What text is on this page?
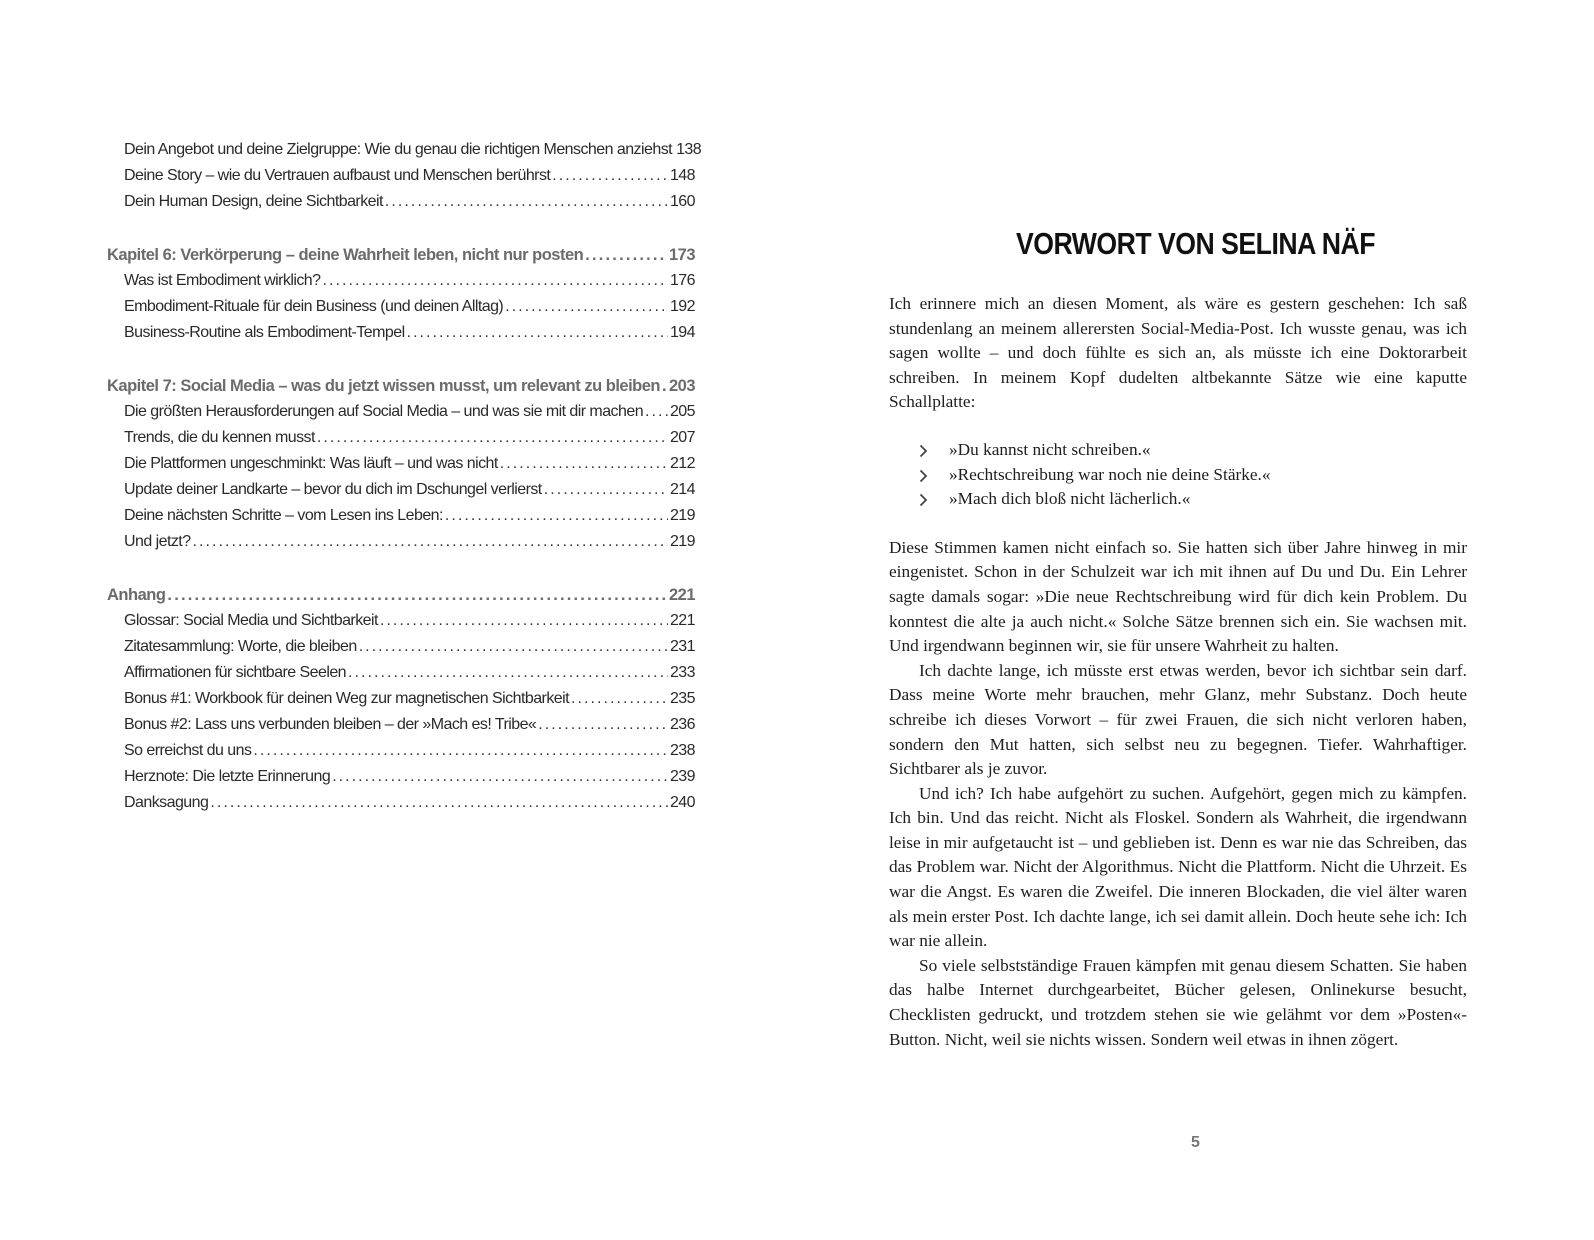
Dein Angebot und deine Zielgruppe: Wie du genau die richtigen Menschen anziehst 138
Deine Story – wie du Vertrauen aufbaust und Menschen berührst . . .	148
Dein Human Design, deine Sichtbarkeit . . .	160
Kapitel 6: Verkörperung – deine Wahrheit leben, nicht nur posten . . .	173
Was ist Embodiment wirklich? . . .	176
Embodiment-Rituale für dein Business (und deinen Alltag) . . .	192
Business-Routine als Embodiment-Tempel . . .	194
Kapitel 7: Social Media – was du jetzt wissen musst, um relevant zu bleiben . . . 203
Die größten Herausforderungen auf Social Media – und was sie mit dir machen . . . 205
Trends, die du kennen musst . . .	207
Die Plattformen ungeschminkt: Was läuft – und was nicht . . .	212
Update deiner Landkarte – bevor du dich im Dschungel verlierst . . .	214
Deine nächsten Schritte – vom Lesen ins Leben: . . .	219
Und jetzt? . . .	219
Anhang . . .	221
Glossar: Social Media und Sichtbarkeit . . .	221
Zitatesammlung: Worte, die bleiben . . .	231
Affirmationen für sichtbare Seelen . . .	233
Bonus #1: Workbook für deinen Weg zur magnetischen Sichtbarkeit . . .	235
Bonus #2: Lass uns verbunden bleiben – der »Mach es! Tribe« . . .	236
So erreichst du uns . . .	238
Herznote: Die letzte Erinnerung . . .	239
Danksagung . . .	240
VORWORT VON SELINA NÄF

Ich erinnere mich an diesen Moment, als wäre es gestern geschehen: Ich saß stundenlang an meinem allerersten Social-Media-Post. Ich wusste genau, was ich sagen wollte – und doch fühlte es sich an, als müsste ich eine Doktorarbeit schreiben. In meinem Kopf dudelten altbekannte Sätze wie eine kaputte Schallplatte:

»Du kannst nicht schreiben.«
»Rechtschreibung war noch nie deine Stärke.«
»Mach dich bloß nicht lächerlich.«

Diese Stimmen kamen nicht einfach so. Sie hatten sich über Jahre hinweg in mir eingenistet. Schon in der Schulzeit war ich mit ihnen auf Du und Du. Ein Lehrer sagte damals sogar: »Die neue Rechtschreibung wird für dich kein Problem. Du konntest die alte ja auch nicht.« Solche Sätze brennen sich ein. Sie wachsen mit. Und irgendwann beginnen wir, sie für unsere Wahrheit zu halten.

Ich dachte lange, ich müsste erst etwas werden, bevor ich sichtbar sein darf. Dass meine Worte mehr brauchen, mehr Glanz, mehr Substanz. Doch heute schreibe ich dieses Vorwort – für zwei Frauen, die sich nicht verloren haben, sondern den Mut hatten, sich selbst neu zu begegnen. Tiefer. Wahrhaftiger. Sichtbarer als je zuvor.

Und ich? Ich habe aufgehört zu suchen. Aufgehört, gegen mich zu kämpfen. Ich bin. Und das reicht. Nicht als Floskel. Sondern als Wahrheit, die irgendwann leise in mir aufgetaucht ist – und geblieben ist. Denn es war nie das Schreiben, das das Problem war. Nicht der Algorithmus. Nicht die Plattform. Nicht die Uhrzeit. Es war die Angst. Es waren die Zweifel. Die inneren Blockaden, die viel älter waren als mein erster Post. Ich dachte lange, ich sei damit allein. Doch heute sehe ich: Ich war nie allein.

So viele selbstständige Frauen kämpfen mit genau diesem Schatten. Sie haben das halbe Internet durchgearbeitet, Bücher gelesen, Onlinekurse besucht, Checklisten gedruckt, und trotzdem stehen sie wie gelähmt vor dem »Posten«-Button. Nicht, weil sie nichts wissen. Sondern weil etwas in ihnen zögert.

5
